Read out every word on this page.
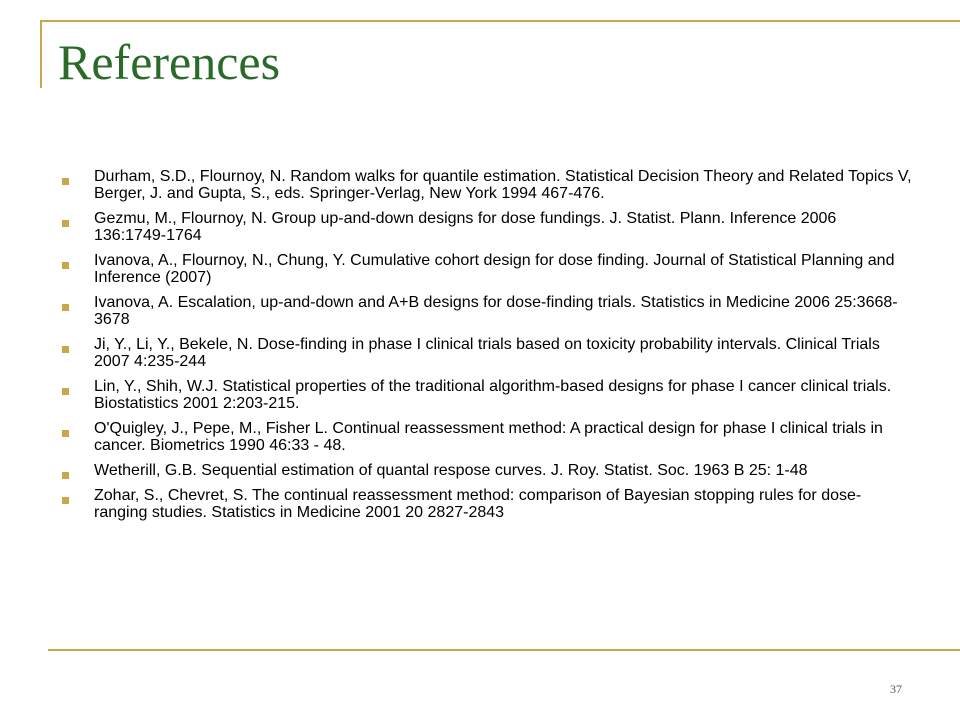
References
Durham, S.D., Flournoy, N. Random walks for quantile estimation. Statistical Decision Theory and Related Topics V, Berger, J. and Gupta, S., eds. Springer-Verlag, New York 1994 467-476.
Gezmu, M., Flournoy, N. Group up-and-down designs for dose fundings. J. Statist. Plann. Inference 2006 136:1749-1764
Ivanova, A., Flournoy, N., Chung, Y. Cumulative cohort design for dose finding. Journal of Statistical Planning and Inference (2007)
Ivanova, A. Escalation, up-and-down and A+B designs for dose-finding trials. Statistics in Medicine 2006 25:3668-3678
Ji, Y., Li, Y., Bekele, N. Dose-finding in phase I clinical trials based on toxicity probability intervals. Clinical Trials 2007 4:235-244
Lin, Y., Shih, W.J. Statistical properties of the traditional algorithm-based designs for phase I cancer clinical trials. Biostatistics 2001 2:203-215.
O'Quigley, J., Pepe, M., Fisher L. Continual reassessment method: A practical design for phase I clinical trials in cancer. Biometrics 1990 46:33 - 48.
Wetherill, G.B. Sequential estimation of quantal respose curves. J. Roy. Statist. Soc. 1963 B 25: 1-48
Zohar, S., Chevret, S. The continual reassessment method: comparison of Bayesian stopping rules for dose-ranging studies. Statistics in Medicine 2001 20 2827-2843
37
